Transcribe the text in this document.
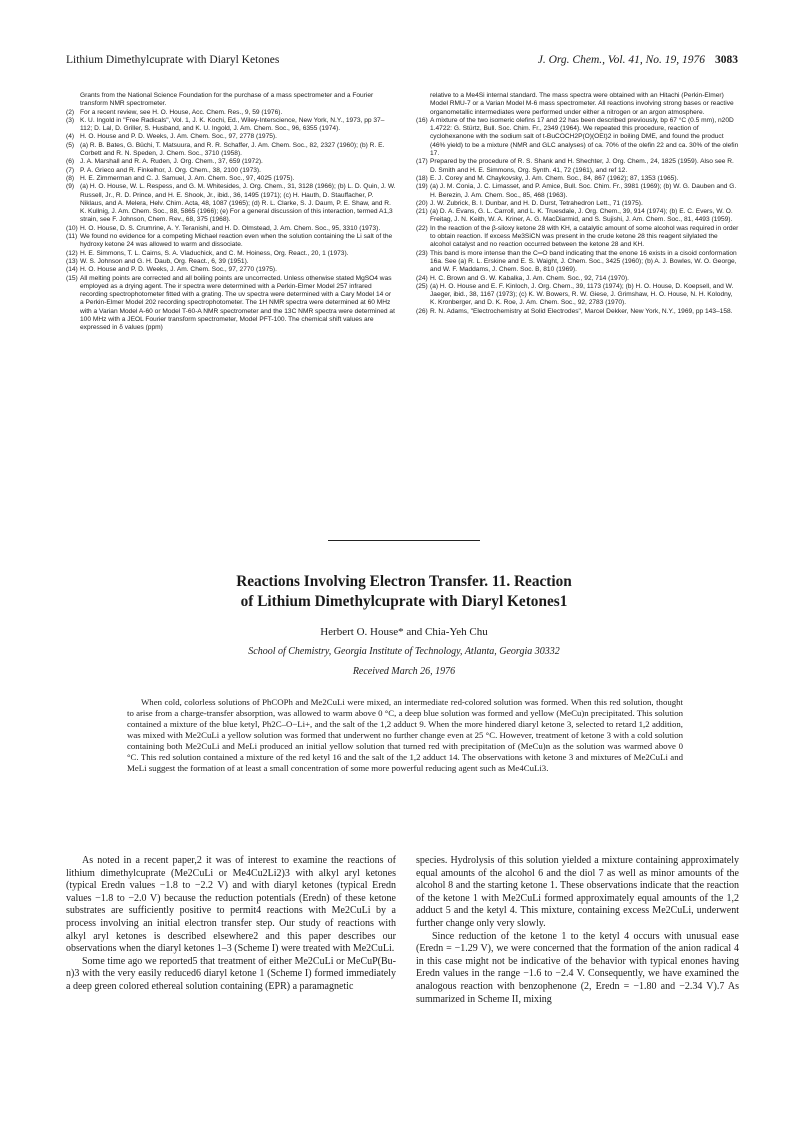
Lithium Dimethylcuprate with Diaryl Ketones	J. Org. Chem., Vol. 41, No. 19, 1976 3083
Grants from the National Science Foundation for the purchase of a mass spectrometer and a Fourier transform NMR spectrometer.
(2) For a recent review, see H. O. House, Acc. Chem. Res., 9, 59 (1976).
(3) K. U. Ingold in "Free Radicals", Vol. 1, J. K. Kochi, Ed., Wiley-Interscience, New York, N.Y., 1973, pp 37–112; D. Lal, D. Griller, S. Husband, and K. U. Ingold, J. Am. Chem. Soc., 96, 6355 (1974).
(4) H. O. House and P. D. Weeks, J. Am. Chem. Soc., 97, 2778 (1975).
(5) (a) R. B. Bates, G. Büchi, T. Matsuura, and R. R. Schaffer, J. Am. Chem. Soc., 82, 2327 (1960); (b) R. E. Corbett and R. N. Speden, J. Chem. Soc., 3710 (1958).
(6) J. A. Marshall and R. A. Ruden, J. Org. Chem., 37, 659 (1972).
(7) P. A. Grieco and R. Finkelhor, J. Org. Chem., 38, 2100 (1973).
(8) H. E. Zimmerman and C. J. Samuel, J. Am. Chem. Soc., 97, 4025 (1975).
(9) (a) H. O. House, W. L. Respess, and G. M. Whitesides, J. Org. Chem., 31, 3128 (1966); (b) L. D. Quin, J. W. Russell, Jr., R. D. Prince, and H. E. Shook, Jr., ibid., 36, 1495 (1971); (c) H. Hauth, D. Stauffacher, P. Niklaus, and A. Melera, Helv. Chim. Acta, 48, 1087 (1965); (d) R. L. Clarke, S. J. Daum, P. E. Shaw, and R. K. Kullnig, J. Am. Chem. Soc., 88, 5865 (1966); (e) For a general discussion of this interaction, termed A1,3 strain, see F. Johnson, Chem. Rev., 68, 375 (1968).
(10) H. O. House, D. S. Crumrine, A. Y. Teranishi, and H. D. Olmstead, J. Am. Chem. Soc., 95, 3310 (1973).
(11) We found no evidence for a competing Michael reaction even when the solution containing the Li salt of the hydroxy ketone 24 was allowed to warm and dissociate.
(12) H. E. Simmons, T. L. Cairns, S. A. Vladuchick, and C. M. Hoiness, Org. React., 20, 1 (1973).
(13) W. S. Johnson and G. H. Daub, Org. React., 6, 39 (1951).
(14) H. O. House and P. D. Weeks, J. Am. Chem. Soc., 97, 2770 (1975).
(15) All melting points are corrected and all boiling points are uncorrected. Unless otherwise stated MgSO4 was employed as a drying agent. The ir spectra were determined with a Perkin-Elmer Model 257 infrared recording spectrophotometer fitted with a grating. The uv spectra were determined with a Cary Model 14 or a Perkin-Elmer Model 202 recording spectrophotometer. The 1H NMR spectra were determined at 60 MHz with a Varian Model A-60 or Model T-60-A NMR spectrometer and the 13C NMR spectra were determined at 100 MHz with a JEOL Fourier transform spectrometer, Model PFT-100. The chemical shift values are expressed in δ values (ppm)
relative to a Me4Si internal standard. The mass spectra were obtained with an Hitachi (Perkin-Elmer) Model RMU-7 or a Varian Model M-6 mass spectrometer. All reactions involving strong bases or reactive organometallic intermediates were performed under either a nitrogen or an argon atmosphere.
(16) A mixture of the two isomeric olefins 17 and 22 has been described previously, bp 67 °C (0.5 mm), n20D 1.4722: G. Stürtz, Bull. Soc. Chim. Fr., 2349 (1964). We repeated this procedure, reaction of cyclohexanone with the sodium salt of t-BuCOCH2P(O)(OEt)2 in boiling DME, and found the product (46% yield) to be a mixture (NMR and GLC analyses) of ca. 70% of the olefin 22 and ca. 30% of the olefin 17.
(17) Prepared by the procedure of R. S. Shank and H. Shechter, J. Org. Chem., 24, 1825 (1959). Also see R. D. Smith and H. E. Simmons, Org. Synth. 41, 72 (1961), and ref 12.
(18) E. J. Corey and M. Chaykovsky, J. Am. Chem. Soc., 84, 867 (1962); 87, 1353 (1965).
(19) (a) J. M. Conia, J. C. Limasset, and P. Amice, Bull. Soc. Chim. Fr., 3981 (1969); (b) W. G. Dauben and G. H. Berezin, J. Am. Chem. Soc., 85, 468 (1963).
(20) J. W. Zubrick, B. I. Dunbar, and H. D. Durst, Tetrahedron Lett., 71 (1975).
(21) (a) D. A. Evans, G. L. Carroll, and L. K. Truesdale, J. Org. Chem., 39, 914 (1974); (b) E. C. Evers, W. O. Freitag, J. N. Keith, W. A. Kriner, A. G. MacDiarmid, and S. Sujishi, J. Am. Chem. Soc., 81, 4493 (1959).
(22) In the reaction of the β-siloxy ketone 28 with KH, a catalytic amount of some alcohol was required in order to obtain reaction. If excess Me3SiCN was present in the crude ketone 28 this reagent silylated the alcohol catalyst and no reaction occurred between the ketone 28 and KH.
(23) This band is more intense than the C═O band indicating that the enone 16 exists in a cisoid conformation 16a. See (a) R. L. Erskine and E. S. Waight, J. Chem. Soc., 3425 (1960); (b) A. J. Bowles, W. O. George, and W. F. Maddams, J. Chem. Soc. B, 810 (1969).
(24) H. C. Brown and G. W. Kabalka, J. Am. Chem. Soc., 92, 714 (1970).
(25) (a) H. O. House and E. F. Kinloch, J. Org. Chem., 39, 1173 (1974); (b) H. O. House, D. Koepsell, and W. Jaeger, ibid., 38, 1167 (1973); (c) K. W. Bowers, R. W. Giese, J. Grimshaw, H. O. House, N. H. Kolodny, K. Kronberger, and D. K. Roe, J. Am. Chem. Soc., 92, 2783 (1970).
(26) R. N. Adams, "Electrochemistry at Solid Electrodes", Marcel Dekker, New York, N.Y., 1969, pp 143–158.
Reactions Involving Electron Transfer. 11. Reaction
of Lithium Dimethylcuprate with Diaryl Ketones1
Herbert O. House* and Chia-Yeh Chu
School of Chemistry, Georgia Institute of Technology, Atlanta, Georgia 30332
Received March 26, 1976

When cold, colorless solutions of PhCOPh and Me2CuLi were mixed, an intermediate red-colored solution was formed. When this red solution, thought to arise from a charge-transfer absorption, was allowed to warm above 0 °C, a deep blue solution was formed and yellow (MeCu)n precipitated. This solution contained a mixture of the blue ketyl, Ph2C–O−Li+, and the salt of the 1,2 adduct 9. When the more hindered diaryl ketone 3, selected to retard 1,2 addition, was mixed with Me2CuLi a yellow solution was formed that underwent no further change even at 25 °C. However, treatment of ketone 3 with a cold solution containing both Me2CuLi and MeLi produced an initial yellow solution that turned red with precipitation of (MeCu)n as the solution was warmed above 0 °C. This red solution contained a mixture of the red ketyl 16 and the salt of the 1,2 adduct 14. The observations with ketone 3 and mixtures of Me2CuLi and MeLi suggest the formation of at least a small concentration of some more powerful reducing agent such as Me4CuLi3.

As noted in a recent paper,2 it was of interest to examine the reactions of lithium dimethylcuprate (Me2CuLi or Me4Cu2Li2)3 with alkyl aryl ketones (typical Eredn values −1.8 to −2.2 V) and with diaryl ketones (typical Eredn values −1.8 to −2.0 V) because the reduction potentials (Eredn) of these ketone substrates are sufficiently positive to permit4 reactions with Me2CuLi by a process involving an initial electron transfer step. Our study of reactions with alkyl aryl ketones is described elsewhere2 and this paper describes our observations when the diaryl ketones 1–3 (Scheme I) were treated with Me2CuLi.

Some time ago we reported5 that treatment of either Me2CuLi or MeCuP(Bu-n)3 with the very easily reduced6 diaryl ketone 1 (Scheme I) formed immediately a deep green colored ethereal solution containing (EPR) a paramagnetic

species. Hydrolysis of this solution yielded a mixture containing approximately equal amounts of the alcohol 6 and the diol 7 as well as minor amounts of the alcohol 8 and the starting ketone 1. These observations indicate that the reaction of the ketone 1 with Me2CuLi formed approximately equal amounts of the 1,2 adduct 5 and the ketyl 4. This mixture, containing excess Me2CuLi, underwent further change only very slowly.

Since reduction of the ketone 1 to the ketyl 4 occurs with unusual ease (Eredn = −1.29 V), we were concerned that the formation of the anion radical 4 in this case might not be indicative of the behavior with typical enones having Eredn values in the range −1.6 to −2.4 V. Consequently, we have examined the analogous reaction with benzophenone (2, Eredn = −1.80 and −2.34 V).7 As summarized in Scheme II, mixing
